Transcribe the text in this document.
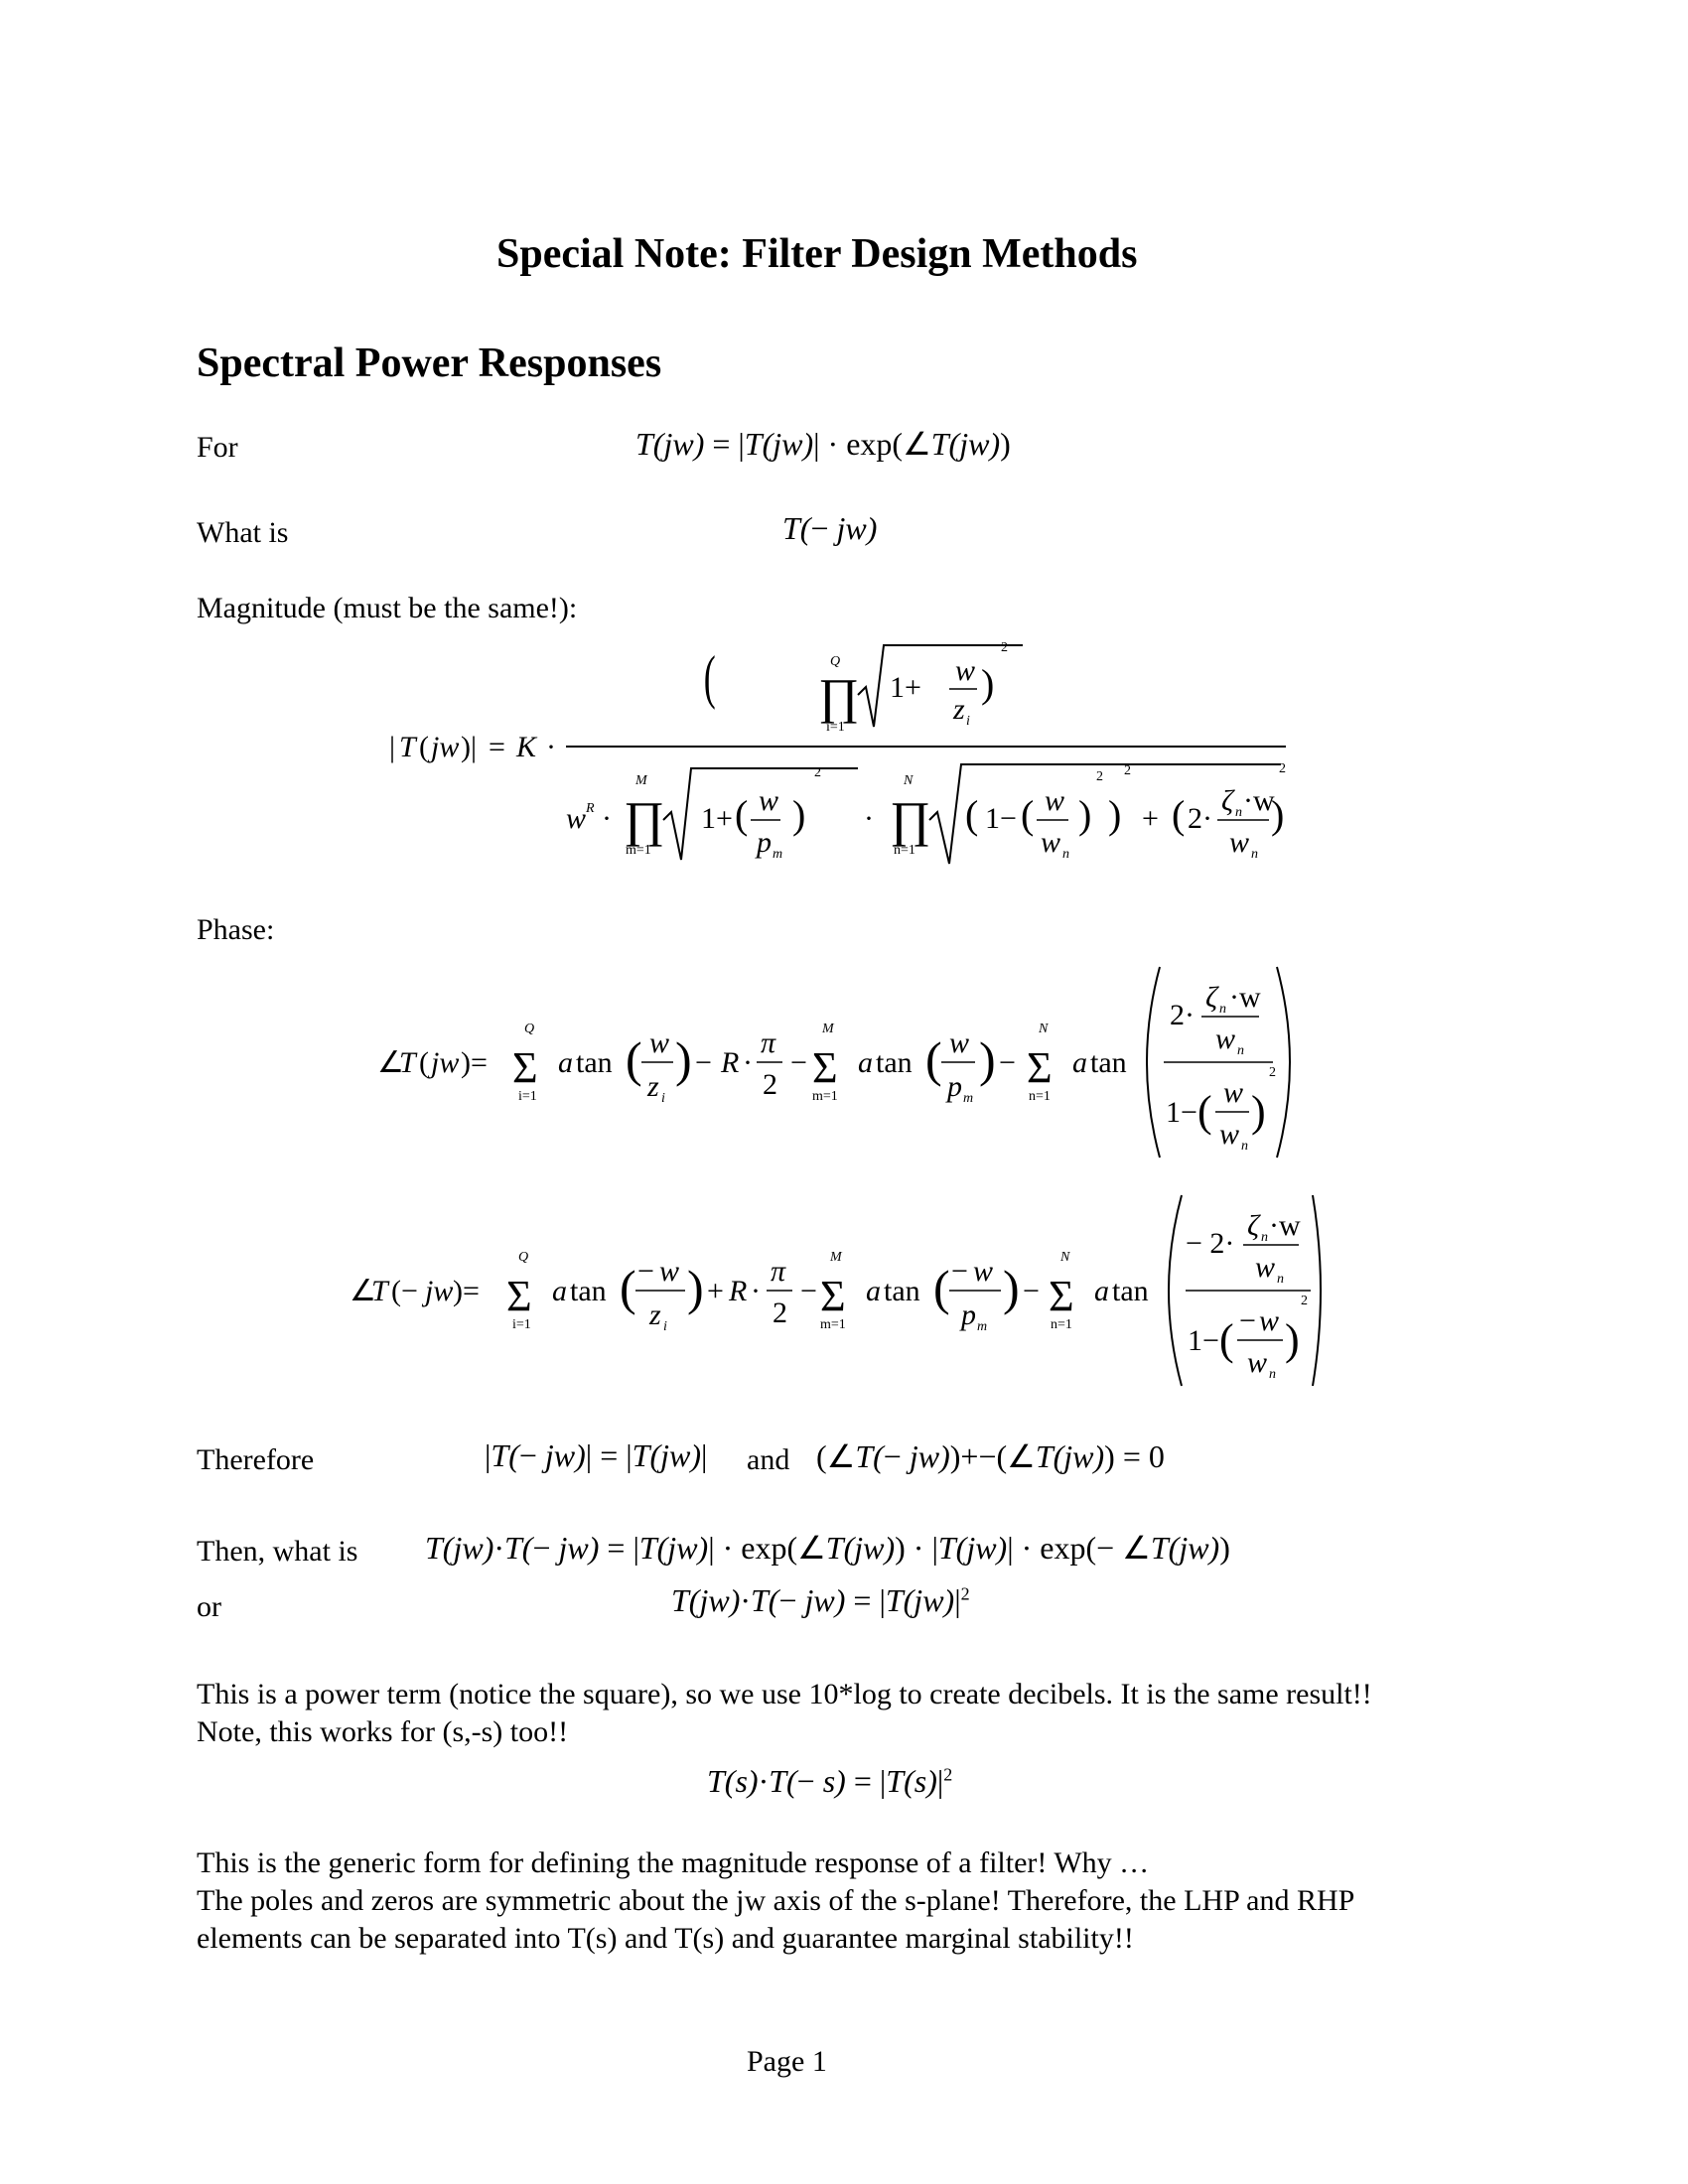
Special Note: Filter Design Methods
Spectral Power Responses
For	T(jw) = |T(jw)| · exp(∠T(jw))
What is	T(− jw)
Magnitude (must be the same!):
| T ( jw )| = K ·
Q
∏
i=1
1+
(	w
z i
)
2
w R ·
M
∏
m=1
1+ ( w
p m
)
2
·
N
∏
n=1
( 1− ( w
w n
)
2
)
2
+ ( 2·
ζ n ·w
w n
)
2
Phase:
∠
T ( jw )=
Q
Σ
i=1
a tan ( w
z i
) − R ·
π
2
−
M
Σ
m=1
a tan ( w
p m
) −
N
Σ
n=1
a tan
2·
ζ n ·w
w n
1− ( w
w n
)
2
∠
T (− jw )=
Q
Σ
i=1
a tan ( − w
z i
) + R ·
π
2
−
M
Σ
m=1
a tan ( − w
p m
) −
N
Σ
n=1
a tan
− 2·
ζ n ·w
w n
1− ( − w
w n
)
2
Therefore	|T(− jw)| = |T(jw)| and (∠T(− jw))+−(∠T(jw)) = 0
Then, what is T(jw)·T(− jw) = |T(jw)| · exp(∠T(jw)) · |T(jw)| · exp(− ∠T(jw))
or	$T(jw)\cdot T(- jw) = |T(jw)|^2$
This is a power term (notice the square), so we use 10*log to create decibels. It is the same result!! Note, this works for (s,-s) too!!
$T(s)\cdot T(- s) = |T(s)|^2$
This is the generic form for defining the magnitude response of a filter! Why …
The poles and zeros are symmetric about the jw axis of the s-plane! Therefore, the LHP and RHP elements can be separated into T(s) and T(s) and guarantee marginal stability!!
Page 1
